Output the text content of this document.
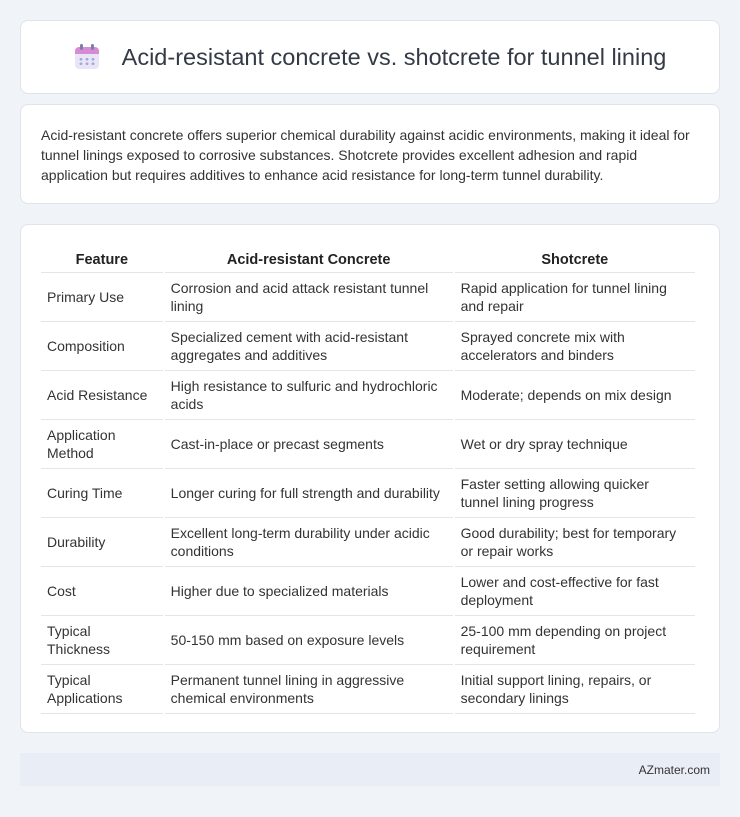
Acid-resistant concrete vs. shotcrete for tunnel lining

Acid-resistant concrete offers superior chemical durability against acidic environments, making it ideal for tunnel linings exposed to corrosive substances. Shotcrete provides excellent adhesion and rapid application but requires additives to enhance acid resistance for long-term tunnel durability.

Feature	Acid-resistant Concrete	Shotcrete
Primary Use	Corrosion and acid attack resistant tunnel lining	Rapid application for tunnel lining and repair
Composition	Specialized cement with acid-resistant aggregates and additives	Sprayed concrete mix with accelerators and binders
Acid Resistance	High resistance to sulfuric and hydrochloric acids	Moderate; depends on mix design
Application Method	Cast-in-place or precast segments	Wet or dry spray technique
Curing Time	Longer curing for full strength and durability	Faster setting allowing quicker tunnel lining progress
Durability	Excellent long-term durability under acidic conditions	Good durability; best for temporary or repair works
Cost	Higher due to specialized materials	Lower and cost-effective for fast deployment
Typical Thickness	50-150 mm based on exposure levels	25-100 mm depending on project requirement
Typical Applications	Permanent tunnel lining in aggressive chemical environments	Initial support lining, repairs, or secondary linings
AZmater.com
